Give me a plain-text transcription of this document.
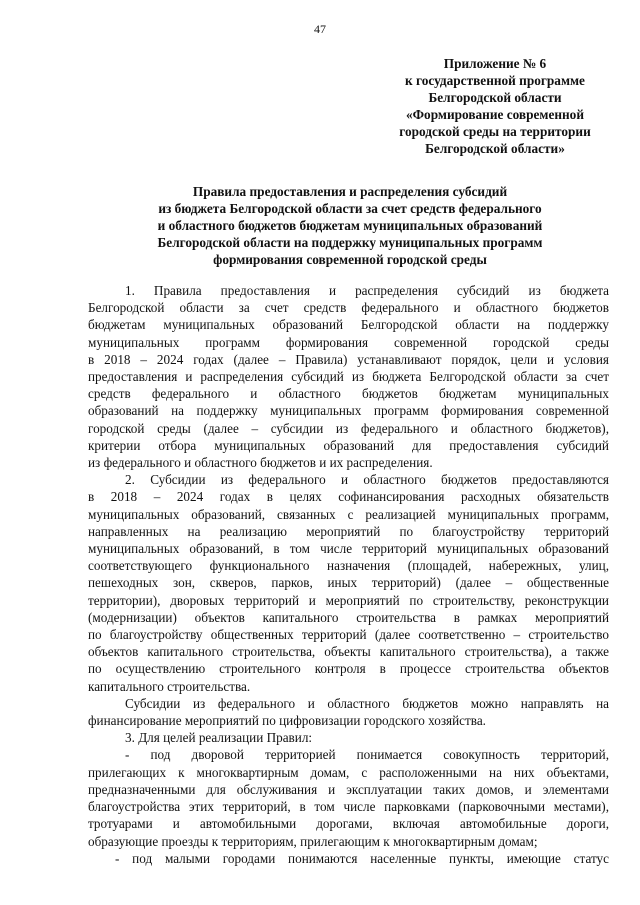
47
Приложение № 6
к государственной программе
Белгородской области
«Формирование современной
городской среды на территории
Белгородской области»
Правила предоставления и распределения субсидий
из бюджета Белгородской области за счет средств федерального
и областного бюджетов бюджетам муниципальных образований
Белгородской области на поддержку муниципальных программ
формирования современной городской среды

1. Правила предоставления и распределения субсидий из бюджета

Белгородской области за счет средств федерального и областного бюджетов

бюджетам муниципальных образований Белгородской области на поддержку

муниципальных программ формирования современной городской среды

в 2018 – 2024 годах (далее – Правила) устанавливают порядок, цели и условия

предоставления и распределения субсидий из бюджета Белгородской области за счет

средств федерального и областного бюджетов бюджетам муниципальных

образований на поддержку муниципальных программ формирования современной

городской среды (далее – субсидии из федерального и областного бюджетов),

критерии отбора муниципальных образований для предоставления субсидий

из федерального и областного бюджетов и их распределения.

2. Субсидии из федерального и областного бюджетов предоставляются

в 2018 – 2024 годах в целях софинансирования расходных обязательств

муниципальных образований, связанных с реализацией муниципальных программ,

направленных на реализацию мероприятий по благоустройству территорий

муниципальных образований, в том числе территорий муниципальных образований

соответствующего функционального назначения (площадей, набережных, улиц,

пешеходных зон, скверов, парков, иных территорий) (далее – общественные

территории), дворовых территорий и мероприятий по строительству, реконструкции

(модернизации) объектов капитального строительства в рамках мероприятий

по благоустройству общественных территорий (далее соответственно – строительство

объектов капитального строительства, объекты капитального строительства), а также

по осуществлению строительного контроля в процессе строительства объектов

капитального строительства.

Субсидии из федерального и областного бюджетов можно направлять на

финансирование мероприятий по цифровизации городского хозяйства.

3. Для целей реализации Правил:

- под дворовой территорией понимается совокупность территорий,

прилегающих к многоквартирным домам, с расположенными на них объектами,

предназначенными для обслуживания и эксплуатации таких домов, и элементами

благоустройства этих территорий, в том числе парковками (парковочными местами),

тротуарами и автомобильными дорогами, включая автомобильные дороги,

образующие проезды к территориям, прилегающим к многоквартирным домам;

- под малыми городами понимаются населенные пункты, имеющие статус
